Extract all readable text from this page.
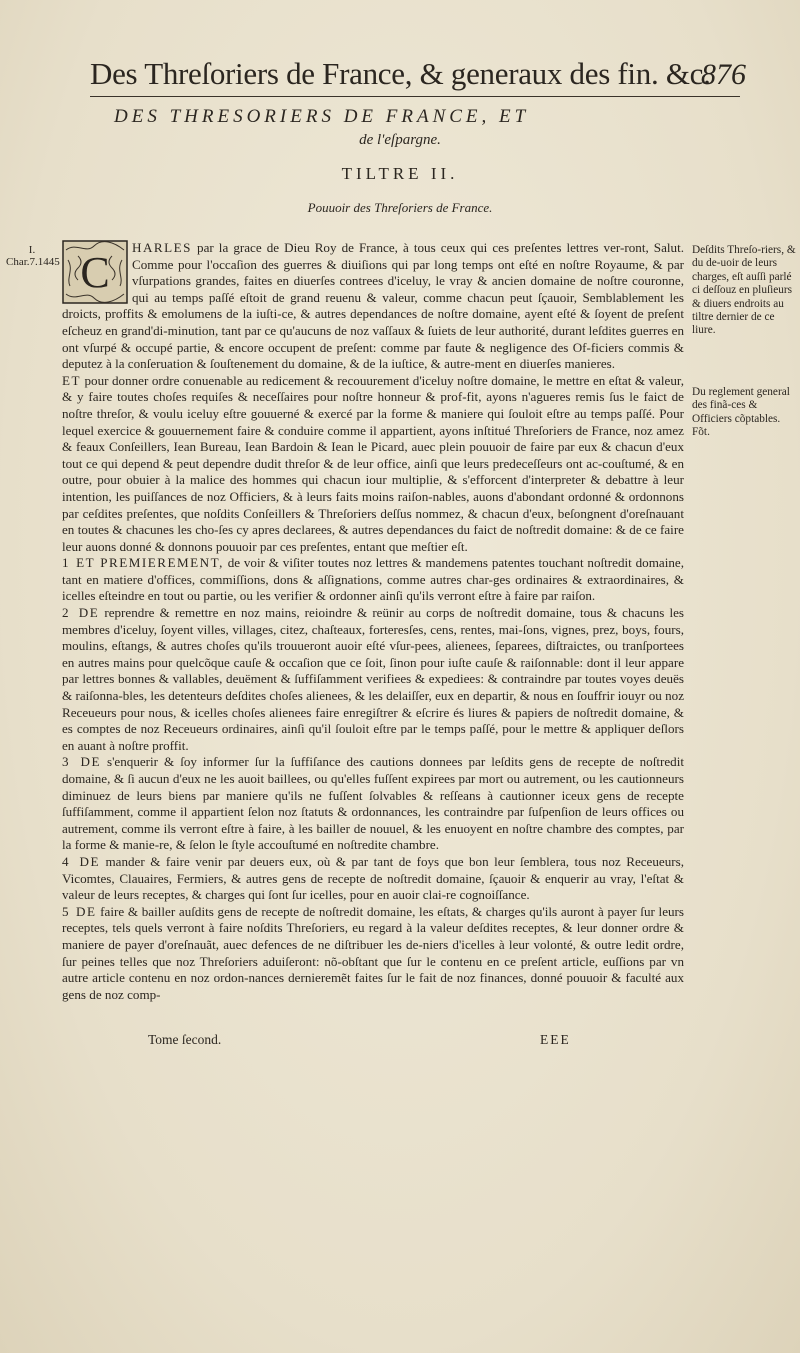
Des Threſoriers de France, & generaux des fin. &c.
876
DES THRESORIERS DE FRANCE, ET
de l'eſpargne.
TILTRE II.
Pouuoir des Threſoriers de France.
I.
Char.7.1445 C

HARLES par la grace de Dieu Roy de France, à tous ceux qui ces preſentes lettres ver-ront, Salut. Comme pour l'occaſion des guerres & diuiſions qui par long temps ont eſté en noſtre Royaume, & par vſurpations grandes, faites en diuerſes contrees d'iceluy, le vray & ancien domaine de noſtre couronne, qui au temps paſſé eſtoit de grand reuenu & valeur, comme chacun peut ſçauoir, Semblablement les droicts, proffits & emolumens de la iuſti-ce, & autres dependances de noſtre domaine, ayent eſté & ſoyent de preſent eſcheuz en grand'di-minution, tant par ce qu'aucuns de noz vaſſaux & ſuiets de leur authorité, durant leſdites guerres en ont vſurpé & occupé partie, & encore occupent de preſent: comme par faute & negligence des Of-ficiers commis & deputez à la conſeruation & ſouſtenement du domaine, & de la iuſtice, & autre-ment en diuerſes manieres.

ET pour donner ordre conuenable au redicement & recouurement d'iceluy noſtre domaine, le mettre en eſtat & valeur, & y faire toutes choſes requiſes & neceſſaires pour noſtre honneur & prof-fit, ayons n'agueres remis ſus le faict de noſtre threſor, & voulu iceluy eſtre gouuerné & exercé par la forme & maniere qui ſouloit eſtre au temps paſſé. Pour lequel exercice & gouuernement faire & conduire comme il appartient, ayons inſtitué Threſoriers de France, noz amez & feaux Conſeillers, Iean Bureau, Iean Bardoin & Iean le Picard, auec plein pouuoir de faire par eux & chacun d'eux tout ce qui depend & peut dependre dudit threſor & de leur office, ainſi que leurs predeceſſeurs ont ac-couſtumé, & en outre, pour obuier à la malice des hommes qui chacun iour multiplie, & s'efforcent d'interpreter & debattre à leur intention, les puiſſances de noz Officiers, & à leurs faits moins raiſon-nables, auons d'abondant ordonné & ordonnons par ceſdites preſentes, que noſdits Conſeillers & Threſoriers deſſus nommez, & chacun d'eux, beſongnent d'oreſnauant en toutes & chacunes les cho-ſes cy apres declarees, & autres dependances du faict de noſtredit domaine: & de ce faire leur auons donné & donnons pouuoir par ces preſentes, entant que meſtier eſt.

1 ET PREMIEREMENT, de voir & viſiter toutes noz lettres & mandemens patentes touchant noſtredit domaine, tant en matiere d'offices, commiſſions, dons & aſſignations, comme autres char-ges ordinaires & extraordinaires, & icelles eſteindre en tout ou partie, ou les verifier & ordonner ainſi qu'ils verront eſtre à faire par raiſon.

2 DE reprendre & remettre en noz mains, reioindre & reünir au corps de noſtredit domaine, tous & chacuns les membres d'iceluy, ſoyent villes, villages, citez, chaſteaux, forteresſes, cens, rentes, mai-ſons, vignes, prez, boys, fours, moulins, eſtangs, & autres choſes qu'ils trouueront auoir eſté vſur-pees, alienees, ſeparees, diſtraictes, ou tranſportees en autres mains pour quelcõque cauſe & occaſion que ce ſoit, ſinon pour iuſte cauſe & raiſonnable: dont il leur appare par lettres bonnes & vallables, deuëment & ſuffiſamment verifiees & expediees: & contraindre par toutes voyes deuës & raiſonna-bles, les detenteurs deſdites choſes alienees, & les delaiſſer, eux en departir, & nous en ſouffrir iouyr ou noz Receueurs pour nous, & icelles choſes alienees faire enregiſtrer & eſcrire és liures & papiers de noſtredit domaine, & es comptes de noz Receueurs ordinaires, ainſi qu'il ſouloit eſtre par le temps paſſé, pour le mettre & appliquer deſlors en auant à noſtre proffit.

3 DE s'enquerir & ſoy informer ſur la ſuffiſance des cautions donnees par leſdits gens de recepte de noſtredit domaine, & ſi aucun d'eux ne les auoit baillees, ou qu'elles fuſſent expirees par mort ou autrement, ou les cautionneurs diminuez de leurs biens par maniere qu'ils ne fuſſent ſolvables & reſſeans à cautionner iceux gens de recepte ſuffiſamment, comme il appartient ſelon noz ſtatuts & ordonnances, les contraindre par ſuſpenſion de leurs offices ou autrement, comme ils verront eſtre à faire, à les bailler de nouuel, & les enuoyent en noſtre chambre des comptes, par la forme & manie-re, & ſelon le ſtyle accouſtumé en noſtredite chambre.

4 DE mander & faire venir par deuers eux, où & par tant de foys que bon leur ſemblera, tous noz Receueurs, Vicomtes, Clauaires, Fermiers, & autres gens de recepte de noſtredit domaine, ſçauoir & enquerir au vray, l'eſtat & valeur de leurs receptes, & charges qui ſont ſur icelles, pour en auoir clai-re cognoiſſance.

5 DE faire & bailler auſdits gens de recepte de noſtredit domaine, les eſtats, & charges qu'ils auront à payer ſur leurs receptes, tels quels verront à faire noſdits Threſoriers, eu regard à la valeur deſdites receptes, & leur donner ordre & maniere de payer d'oreſnauãt, auec defences de ne diſtribuer les de-niers d'icelles à leur volonté, & outre ledit ordre, ſur peines telles que noz Threſoriers aduiſeront: nõ-obſtant que ſur le contenu en ce preſent article, euſſions par vn autre article contenu en noz ordon-nances dernieremẽt faites ſur le fait de noz finances, donné pouuoir & faculté aux gens de noz comp-

Deſdits Threſo-riers, & du de-uoir de leurs charges, eſt auſſi parlé ci deſſouz en pluſieurs & diuers endroits au tiltre dernier de ce liure.
Du reglement general des finã-ces & Officiers cõptables. Fõt.
Tome ſecond.	EEE
